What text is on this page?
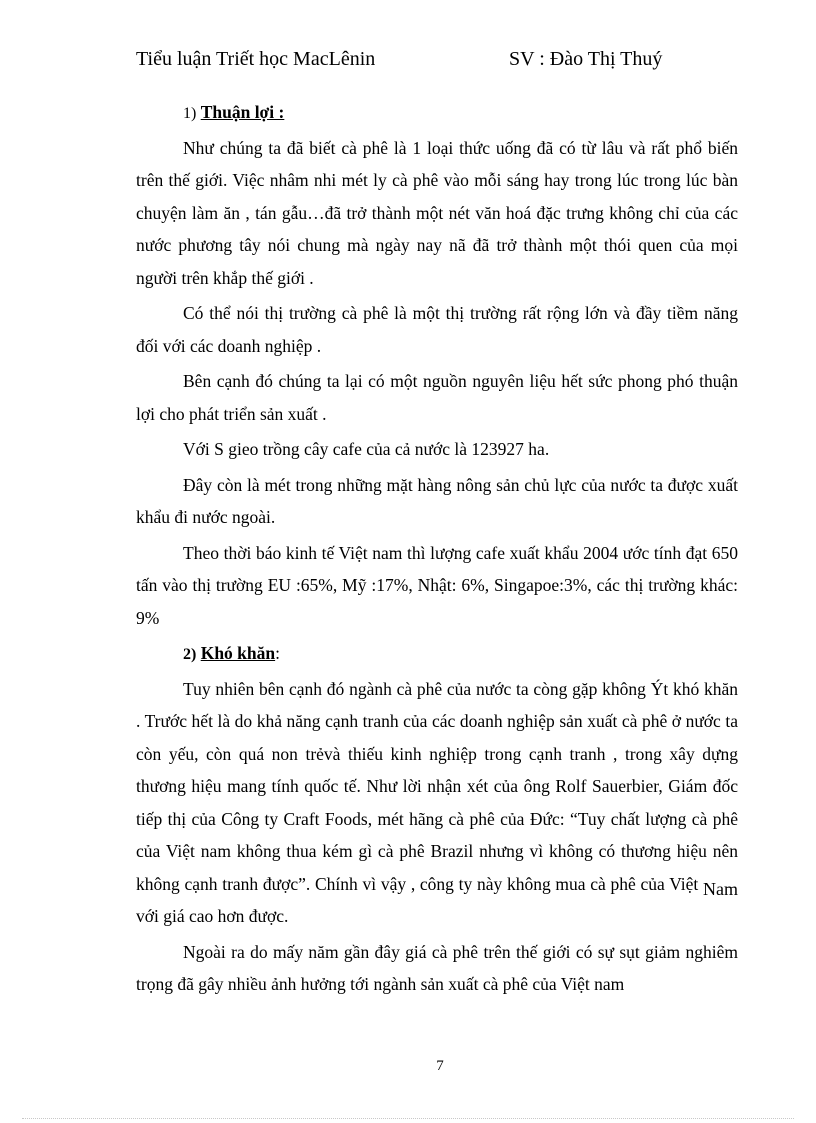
Tiểu luận Triết học MacLênin	SV : Đào Thị Thuý
1) Thuận lợi :

Như chúng ta đã biết cà phê là 1 loại thức uống đã có từ lâu và rất phổ biến trên thế giới. Việc nhâm nhi mét ly cà phê vào mỗi sáng hay trong lúc trong lúc bàn chuyện làm ăn , tán gẫu…đã trở thành một nét văn hoá đặc trưng không chỉ của các nước phương tây nói chung mà ngày nay nã đã trở thành một thói quen của mọi người trên khắp thế giới .

Có thể nói thị trường cà phê là một thị trường rất rộng lớn và đầy tiềm năng đối với các doanh nghiệp .

Bên cạnh đó chúng ta lại có một nguồn nguyên liệu hết sức phong phó thuận lợi cho phát triển sản xuất .

Với S gieo trồng cây cafe của cả nước là 123927 ha.

Đây còn là mét trong những mặt hàng nông sản chủ lực của nước ta được xuất khẩu đi nước ngoài.

Theo thời báo kinh tế Việt nam thì lượng cafe xuất khẩu 2004 ước tính đạt 650 tấn vào thị trường EU :65%, Mỹ :17%, Nhật: 6%, Singapoe:3%, các thị trường khác: 9%

2) Khó khăn:

Tuy nhiên bên cạnh đó ngành cà phê của nước ta còng gặp không Ýt khó khăn . Trước hết là do khả năng cạnh tranh của các doanh nghiệp sản xuất cà phê ở nước ta còn yếu, còn quá non trẻvà thiếu kinh nghiệp trong cạnh tranh , trong xây dựng thương hiệu mang tính quốc tế. Như lời nhận xét của ông Rolf Sauerbier, Giám đốc tiếp thị của Công ty Craft Foods, mét hãng cà phê của Đức: “Tuy chất lượng cà phê của Việt nam không thua kém gì cà phê Brazil nhưng vì không có thương hiệu nên không cạnh tranh được”. Chính vì vậy , công ty này không mua cà phê của Việt Nam với giá cao hơn được.

Ngoài ra do mấy năm gần đây giá cà phê trên thế giới có sự sụt giảm nghiêm trọng đã gây nhiều ảnh hưởng tới ngành sản xuất cà phê của Việt nam

7
